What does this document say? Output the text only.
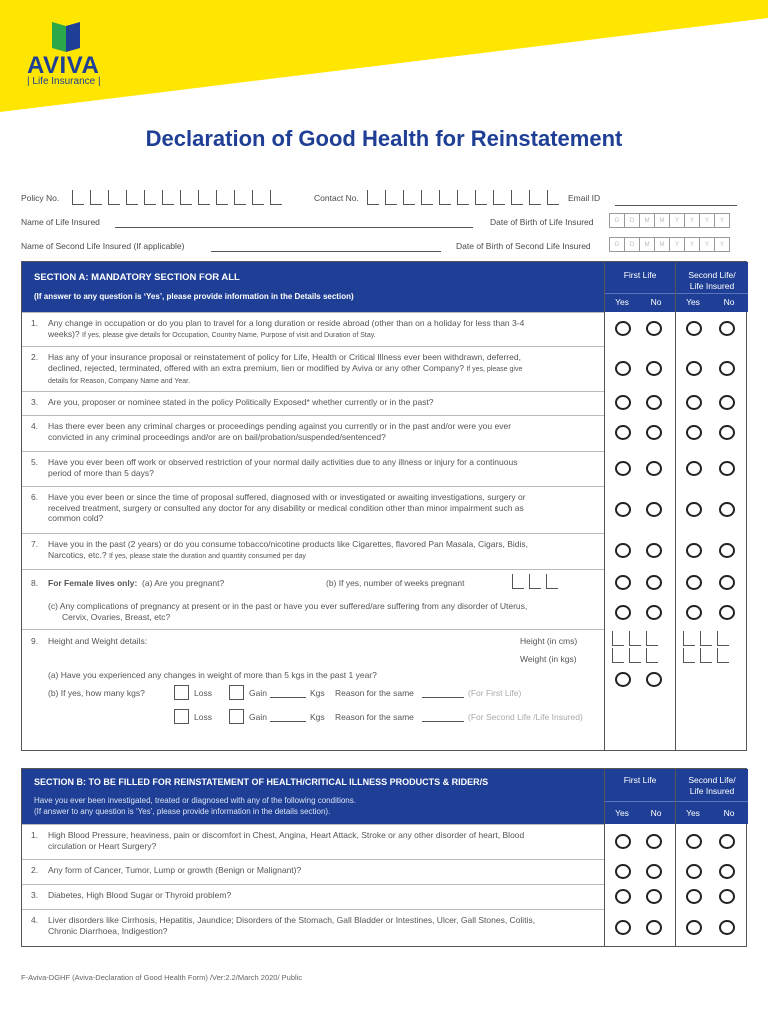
AVIVA
| Life Insurance |
Declaration of Good Health for Reinstatement
Policy No.	Contact No.	Email ID
Name of Life Insured	Date of Birth of Life Insured	D	D	M	M	Y	Y	Y	Y
Name of Second Life Insured (If applicable)	Date of Birth of Second Life Insured	D	D	M	M	Y	Y	Y	Y
SECTION A: MANDATORY SECTION FOR ALL
(If answer to any question is ‘Yes’, please provide information in the Details section)
First Life
Yes	No
Second Life/
Life Insured
Yes	No
8. For Female lives only: (a) Are you pregnant?	(b) If yes, number of weeks pregnant
(c) Any complications of pregnancy at present or in the past or have you ever suffered/are suffering from any disorder of Uterus,
Cervix, Ovaries, Breast, etc?
9. Height and Weight details:	Height (in cms)
Weight (in kgs)
(a) Have you experienced any changes in weight of more than 5 kgs in the past 1 year?
(b) If yes, how many kgs?	Loss	Gain	Kgs	Reason for the same	(For First Life)
Loss	Gain	Kgs	Reason for the same	(For Second Life /Life Insured)
1. Any change in occupation or do you plan to travel for a long duration or reside abroad (other than on a holiday for less than 3-4
weeks)? If yes, please give details for Occupation, Country Name, Purpose of visit and Duration of Stay.
2. Has any of your insurance proposal or reinstatement of policy for Life, Health or Critical Illness ever been withdrawn, deferred,
declined, rejected, terminated, offered with an extra premium, lien or modified by Aviva or any other Company? If yes, please give
details for Reason, Company Name and Year.
3. Are you, proposer or nominee stated in the policy Politically Exposed* whether currently or in the past?

4. Has there ever been any criminal charges or proceedings pending against you currently or in the past and/or were you ever
convicted in any criminal proceedings and/or are on bail/probation/suspended/sentenced?
5. Have you ever been off work or observed restriction of your normal daily activities due to any illness or injury for a continuous
period of more than 5 days?
6. Have you ever been or since the time of proposal suffered, diagnosed with or investigated or awaiting investigations, surgery or
received treatment, surgery or consulted any doctor for any disability or medical condition other than minor impairment such as
common cold?
7. Have you in the past (2 years) or do you consume tobacco/nicotine products like Cigarettes, flavored Pan Masala, Cigars, Bidis,
Narcotics, etc.? If yes, please state the duration and quantity consumed per day
SECTION B: TO BE FILLED FOR REINSTATEMENT OF HEALTH/CRITICAL ILLNESS PRODUCTS & RIDER/S
Have you ever been investigated, treated or diagnosed with any of the following conditions.
(If answer to any question is ‘Yes’, please provide information in the details section).
First Life
Yes	No
Second Life/
Life Insured
Yes	No
1. High Blood Pressure, heaviness, pain or discomfort in Chest, Angina, Heart Attack, Stroke or any other disorder of heart, Blood
circulation or Heart Surgery?
2. Any form of Cancer, Tumor, Lump or growth (Benign or Malignant)?

3. Diabetes, High Blood Sugar or Thyroid problem?

4. Liver disorders like Cirrhosis, Hepatitis, Jaundice; Disorders of the Stomach, Gall Bladder or Intestines, Ulcer, Gall Stones, Colitis,
Chronic Diarrhoea, Indigestion?
F-Aviva-DGHF (Aviva-Declaration of Good Health Form) /Ver:2.2/March 2020/ Public
